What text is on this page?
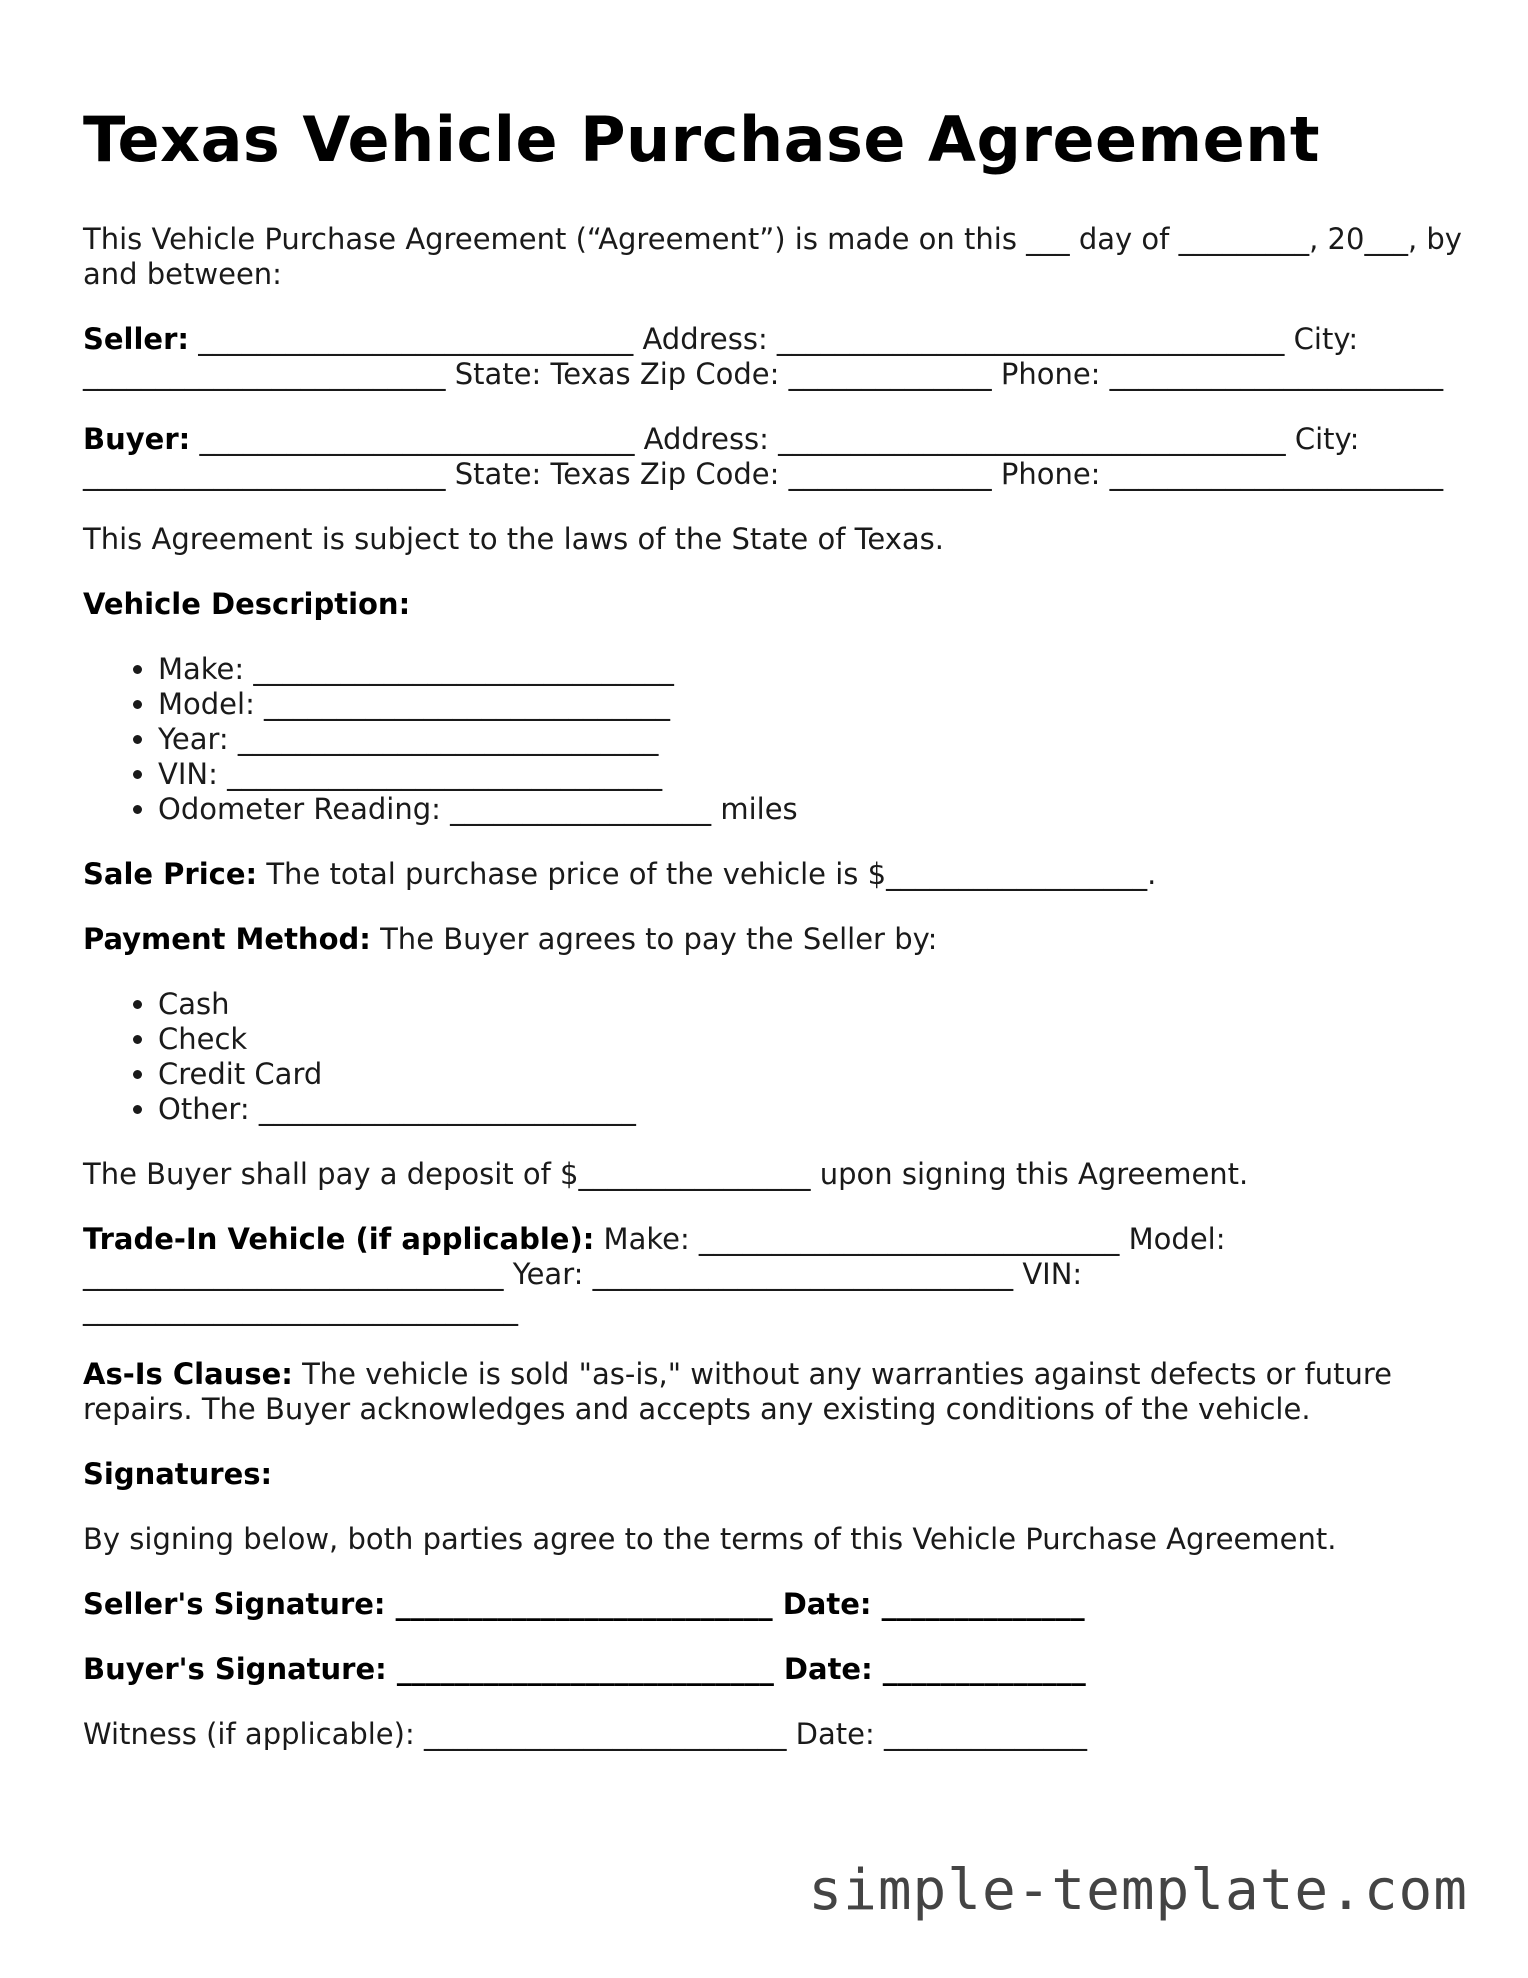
Texas Vehicle Purchase Agreement

This Vehicle Purchase Agreement (“Agreement”) is made on this ___ day of _________, 20___, by and between:

Seller: ______________________________ Address: ___________________________________ City: _________________________ State: Texas Zip Code: ______________ Phone: _______________________

Buyer: ______________________________ Address: ___________________________________ City: _________________________ State: Texas Zip Code: ______________ Phone: _______________________

This Agreement is subject to the laws of the State of Texas.

Vehicle Description:

• Make: _____________________________
• Model: ____________________________
• Year: _____________________________
• VIN: ______________________________
• Odometer Reading: __________________ miles

Sale Price: The total purchase price of the vehicle is $__________________.

Payment Method: The Buyer agrees to pay the Seller by:

• Cash
• Check
• Credit Card
• Other: __________________________

The Buyer shall pay a deposit of $________________ upon signing this Agreement.

Trade-In Vehicle (if applicable): Make: _____________________________ Model: _____________________________ Year: _____________________________ VIN: ______________________________

As-Is Clause: The vehicle is sold "as-is," without any warranties against defects or future repairs. The Buyer acknowledges and accepts any existing conditions of the vehicle.

Signatures:

By signing below, both parties agree to the terms of this Vehicle Purchase Agreement.

Seller's Signature: __________________________ Date: ______________

Buyer's Signature: __________________________ Date: ______________

Witness (if applicable): _________________________ Date: ______________

simple-template.com
